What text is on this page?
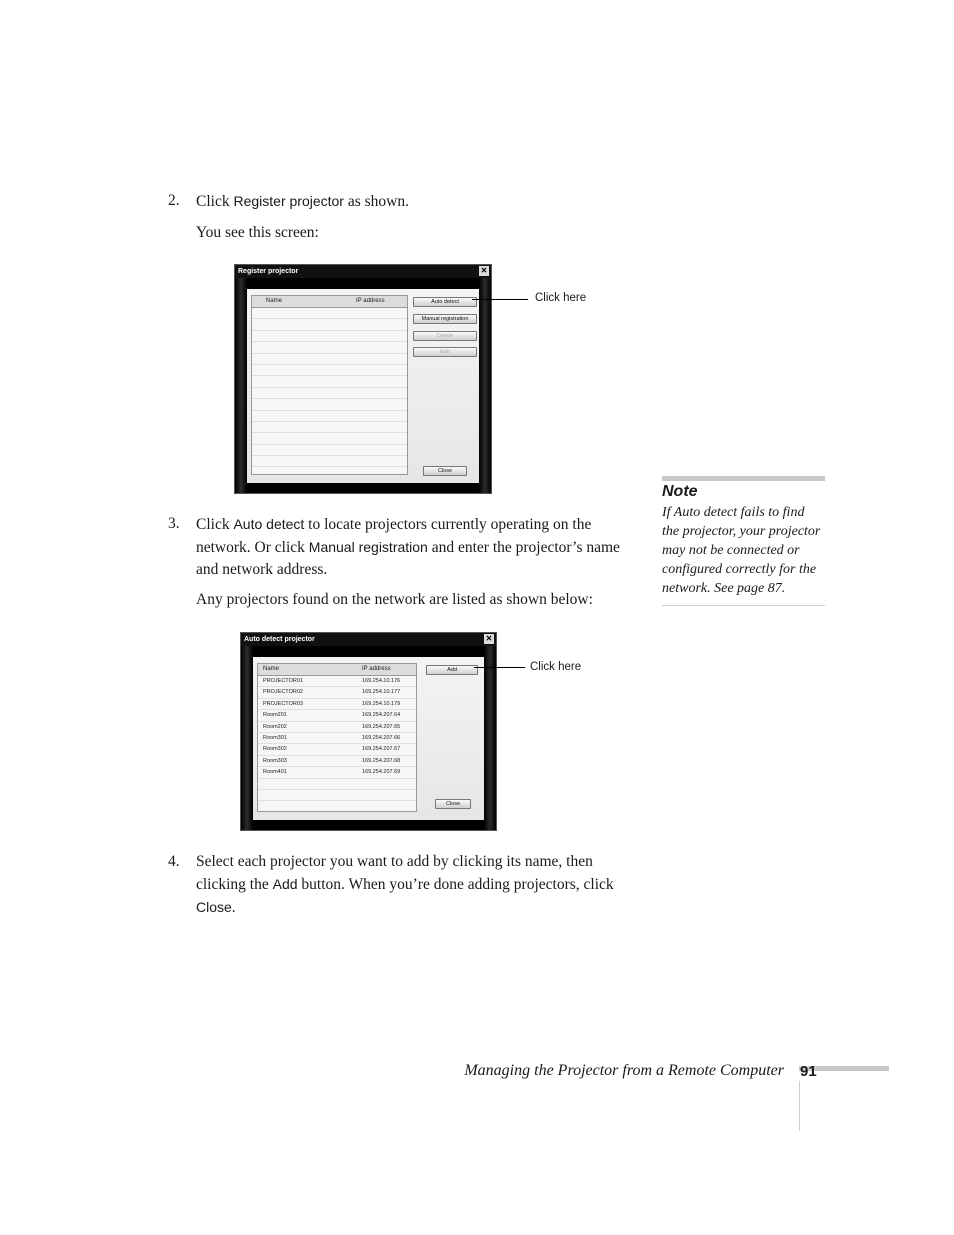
2. Click Register projector as shown.
You see this screen:
Register projector	✕
Name	IP address	Auto detect
Manual registration
Delete
Edit
Close
Click here
Note
If Auto detect fails to find the projector, your projector may not be connected or configured correctly for the network. See page 87.
3. Click Auto detect to locate projectors currently operating on the network. Or click Manual registration and enter the projector’s name and network address.
Any projectors found on the network are listed as shown below:
Auto detect projector	✕
Name	IP address
PROJECTOR01	169.254.10.176
PROJECTOR02	169.254.10.177
PROJECTOR03	169.254.10.179
Room201	169.254.207.64
Room202	169.254.207.65
Room301	169.254.207.66
Room302	169.254.207.67
Room303	169.254.207.68
Room401	169.254.207.69
Add
Close
Click here
4. Select each projector you want to add by clicking its name, then clicking the Add button. When you’re done adding projectors, click Close.
Managing the Projector from a Remote Computer 91
